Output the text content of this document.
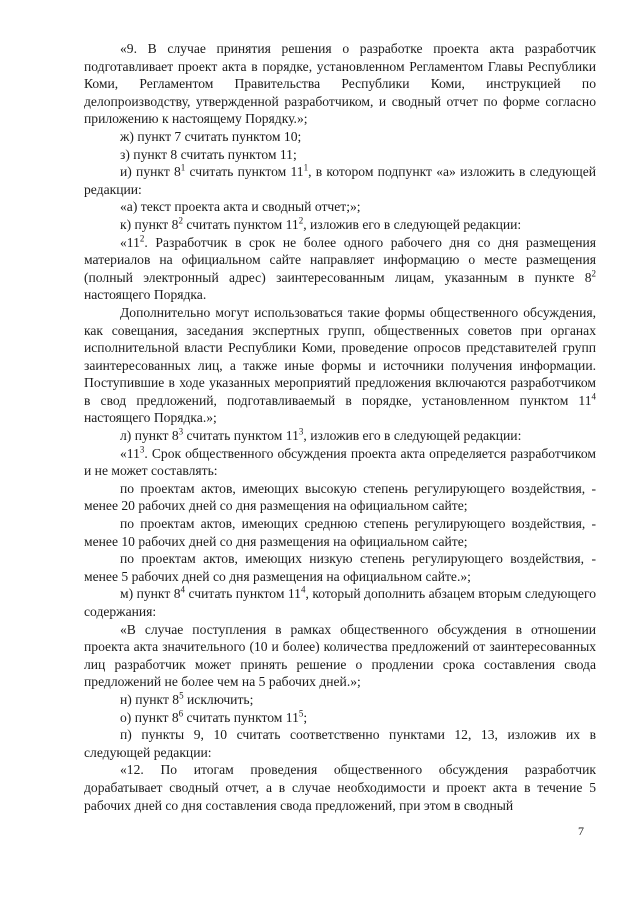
«9. В случае принятия решения о разработке проекта акта разработчик подготавливает проект акта в порядке, установленном Регламентом Главы Республики Коми, Регламентом Правительства Республики Коми, инструкцией по делопроизводству, утвержденной разработчиком, и сводный отчет по форме согласно приложению к настоящему Порядку.»;

ж) пункт 7 считать пунктом 10;

з) пункт 8 считать пунктом 11;

и) пункт $8^1$ считать пунктом $11^1$, в котором подпункт «а» изложить в следующей редакции:

«а) текст проекта акта и сводный отчет;»;

к) пункт $8^2$ считать пунктом $11^2$, изложив его в следующей редакции:

«$11^2$. Разработчик в срок не более одного рабочего дня со дня размещения материалов на официальном сайте направляет информацию о месте размещения (полный электронный адрес) заинтересованным лицам, указанным в пункте $8^2$ настоящего Порядка.

Дополнительно могут использоваться такие формы общественного обсуждения, как совещания, заседания экспертных групп, общественных советов при органах исполнительной власти Республики Коми, проведение опросов представителей групп заинтересованных лиц, а также иные формы и источники получения информации. Поступившие в ходе указанных мероприятий предложения включаются разработчиком в свод предложений, подготавливаемый в порядке, установленном пунктом $11^4$ настоящего Порядка.»;

л) пункт $8^3$ считать пунктом $11^3$, изложив его в следующей редакции:

«$11^3$. Срок общественного обсуждения проекта акта определяется разработчиком и не может составлять:

по проектам актов, имеющих высокую степень регулирующего воздействия, - менее 20 рабочих дней со дня размещения на официальном сайте;

по проектам актов, имеющих среднюю степень регулирующего воздействия, - менее 10 рабочих дней со дня размещения на официальном сайте;

по проектам актов, имеющих низкую степень регулирующего воздействия, - менее 5 рабочих дней со дня размещения на официальном сайте.»;

м) пункт $8^4$ считать пунктом $11^4$, который дополнить абзацем вторым следующего содержания:

«В случае поступления в рамках общественного обсуждения в отношении проекта акта значительного (10 и более) количества предложений от заинтересованных лиц разработчик может принять решение о продлении срока составления свода предложений не более чем на 5 рабочих дней.»;

н) пункт $8^5$ исключить;

о) пункт $8^6$ считать пунктом $11^5$;

п) пункты 9, 10 считать соответственно пунктами 12, 13, изложив их в следующей редакции:

«12. По итогам проведения общественного обсуждения разработчик дорабатывает сводный отчет, а в случае необходимости и проект акта в течение 5 рабочих дней со дня составления свода предложений, при этом в сводный

7
